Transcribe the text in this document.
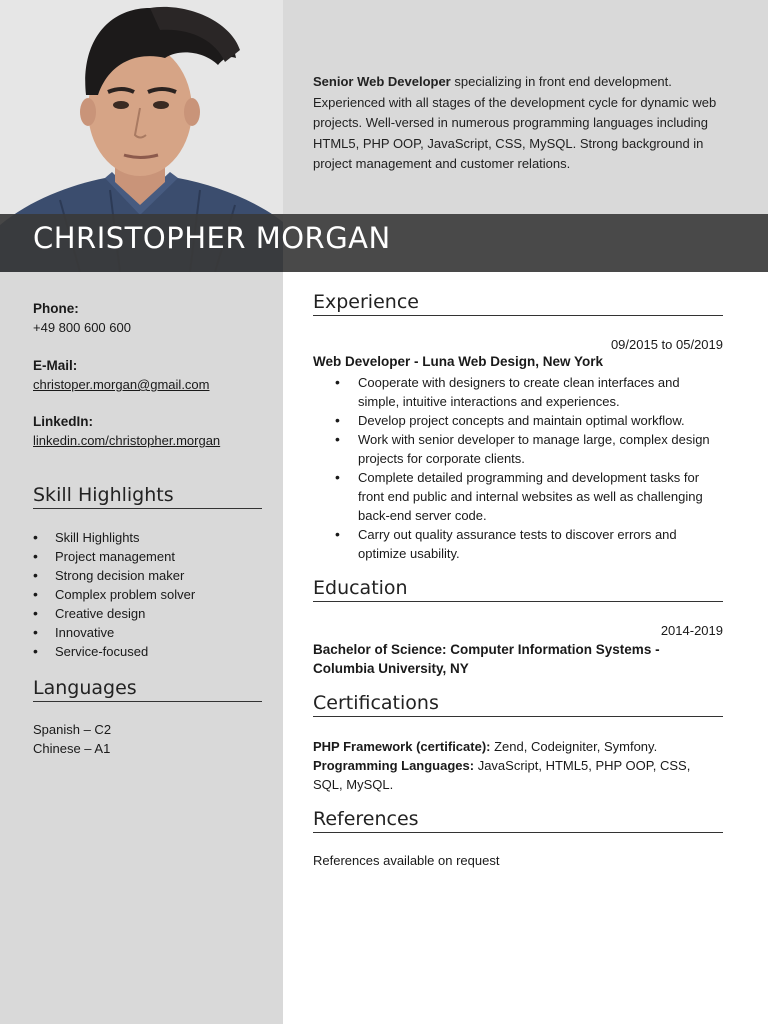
CHRISTOPHER MORGAN
Senior Web Developer specializing in front end development. Experienced with all stages of the development cycle for dynamic web projects. Well-versed in numerous programming languages including HTML5, PHP OOP, JavaScript, CSS, MySQL. Strong background in project management and customer relations.
Phone:
+49 800 600 600
E-Mail:
christoper.morgan@gmail.com
LinkedIn:
linkedin.com/christopher.morgan
Skill Highlights
• Skill Highlights
• Project management
• Strong decision maker
• Complex problem solver
• Creative design
• Innovative
• Service-focused
Languages
Spanish – C2
Chinese – A1
Experience
09/2015 to 05/2019
Web Developer - Luna Web Design, New York
• Cooperate with designers to create clean interfaces and simple, intuitive interactions and experiences.
• Develop project concepts and maintain optimal workflow.
• Work with senior developer to manage large, complex design projects for corporate clients.
• Complete detailed programming and development tasks for front end public and internal websites as well as challenging back-end server code.
• Carry out quality assurance tests to discover errors and optimize usability.
Education
2014-2019
Bachelor of Science: Computer Information Systems - Columbia University, NY
Certifications
PHP Framework (certificate): Zend, Codeigniter, Symfony.
Programming Languages: JavaScript, HTML5, PHP OOP, CSS, SQL, MySQL.
References
References available on request
